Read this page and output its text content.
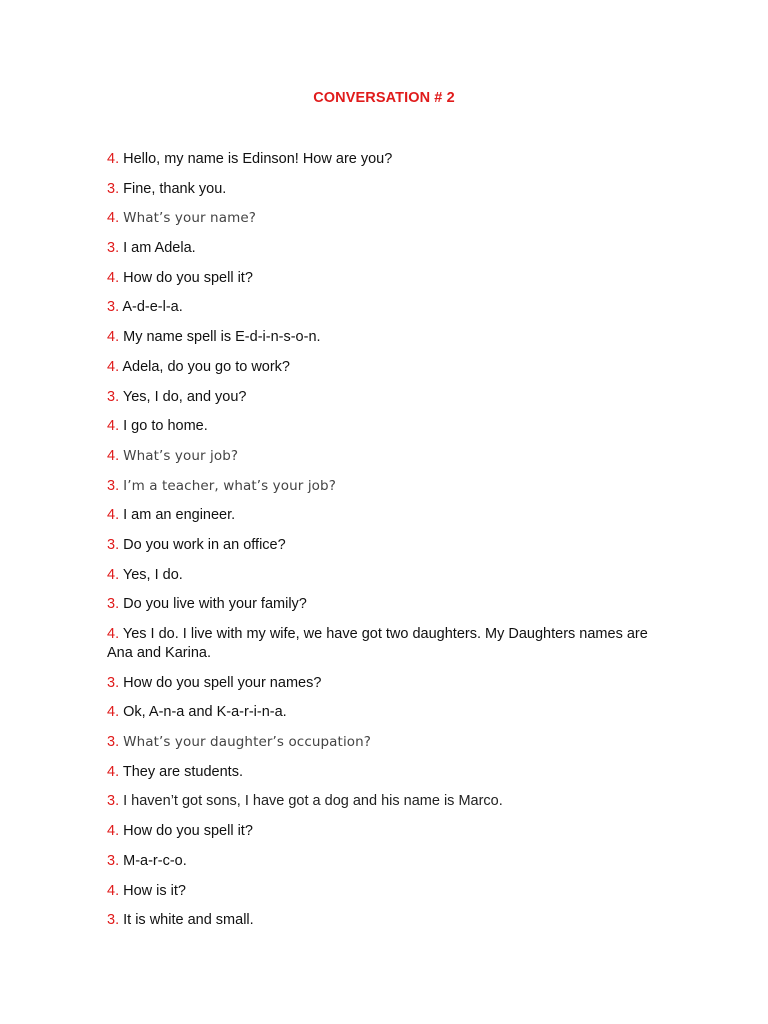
CONVERSATION # 2
4. Hello, my name is Edinson! How are you?
3. Fine, thank you.
4. What’s your name?
3. I am Adela.
4. How do you spell it?
3. A-d-e-l-a.
4. My name spell is E-d-i-n-s-o-n.
4. Adela, do you go to work?
3. Yes, I do, and you?
4. I go to home.
4. What’s your job?
3. I’m a teacher, what’s your job?
4. I am an engineer.
3. Do you work in an office?
4. Yes, I do.
3. Do you live with your family?
4. Yes I do. I live with my wife, we have got two daughters. My Daughters names are Ana and Karina.
3. How do you spell your names?
4. Ok, A-n-a and K-a-r-i-n-a.
3. What’s your daughter’s occupation?
4. They are students.
3. I haven’t got sons, I have got a dog and his name is Marco.
4. How do you spell it?
3. M-a-r-c-o.
4. How is it?
3. It is white and small.
